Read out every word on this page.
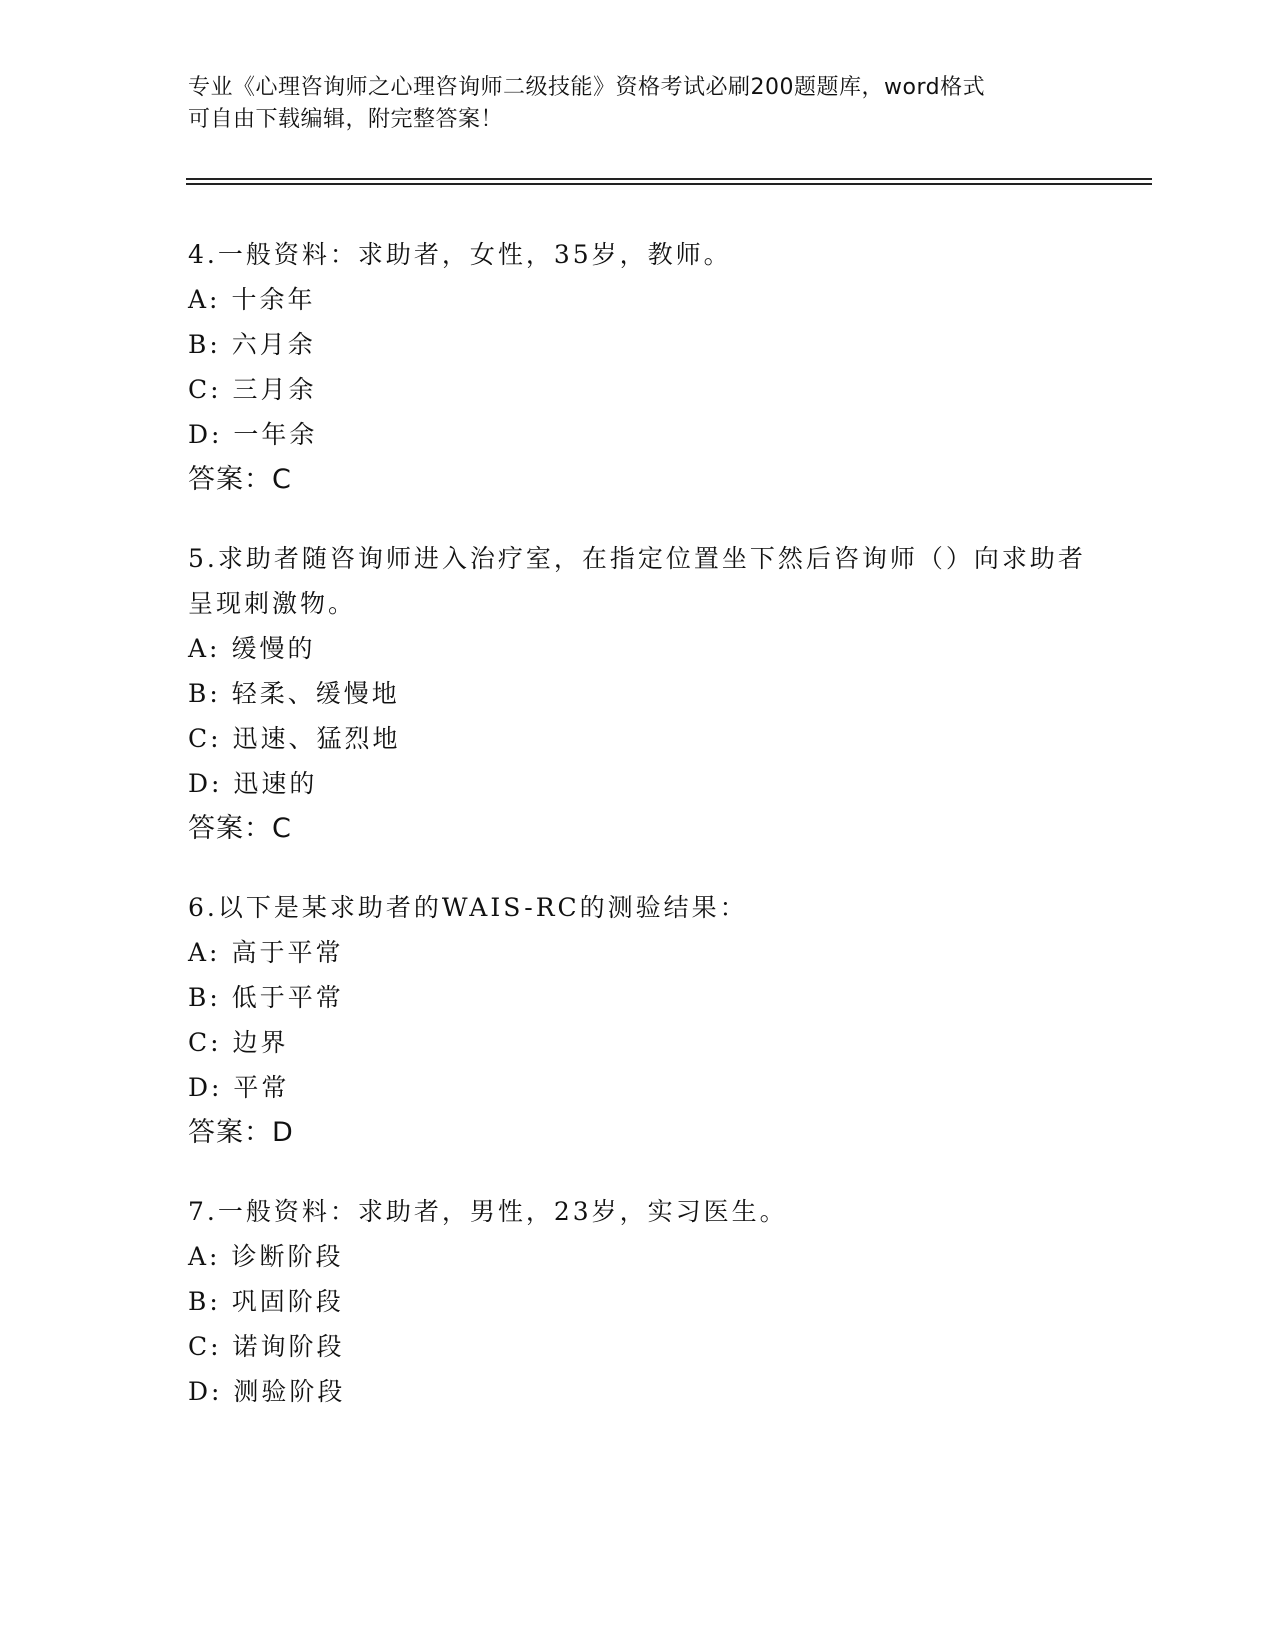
专业《心理咨询师之心理咨询师二级技能》资格考试必刷200题题库，word格式
可自由下载编辑，附完整答案！
4.一般资料：求助者，女性，35岁，教师。
A: 十余年
B: 六月余
C: 三月余
D: 一年余
答案：C
5.求助者随咨询师进入治疗室，在指定位置坐下然后咨询师（）向求助者呈现刺激物。
A: 缓慢的
B: 轻柔、缓慢地
C: 迅速、猛烈地
D: 迅速的
答案：C
6.以下是某求助者的WAIS-RC的测验结果：
A: 高于平常
B: 低于平常
C: 边界
D: 平常
答案：D
7.一般资料：求助者，男性，23岁，实习医生。
A: 诊断阶段
B: 巩固阶段
C: 诺询阶段
D: 测验阶段
